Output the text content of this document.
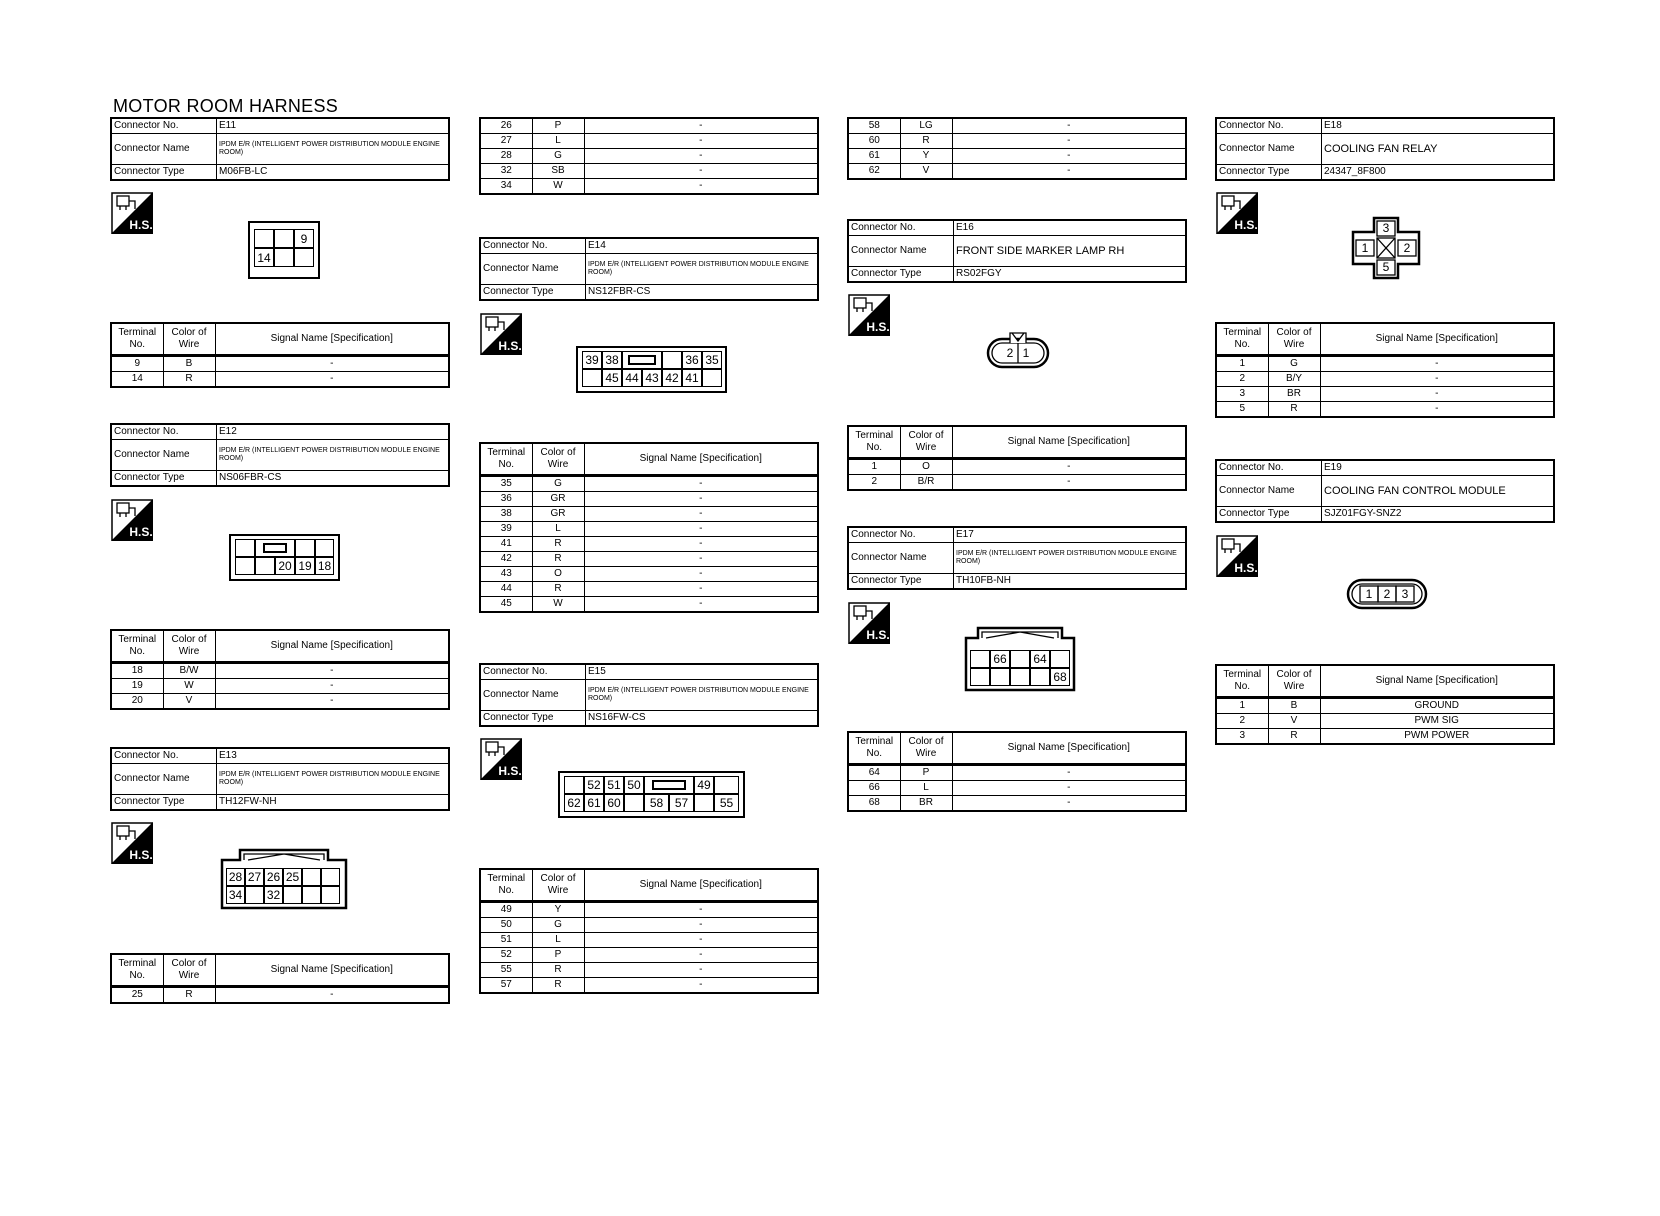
MOTOR ROOM HARNESS
Connector No.	E11
Connector Name	IPDM E/R (INTELLIGENT POWER DISTRIBUTION MODULE ENGINE ROOM)
Connector Type	M06FB-LC
H.S.
9
14
Terminal No.	Color of Wire	Signal Name [Specification]
9	B	-
14	R	-
Connector No.	E12
Connector Name	IPDM E/R (INTELLIGENT POWER DISTRIBUTION MODULE ENGINE ROOM)
Connector Type	NS06FBR-CS
H.S.
20 19 18
Terminal No.	Color of Wire	Signal Name [Specification]
18	B/W	-
19	W	-
20	V	-
Connector No.	E13
Connector Name	IPDM E/R (INTELLIGENT POWER DISTRIBUTION MODULE ENGINE ROOM)
Connector Type	TH12FW-NH
H.S.
28 27 26 25
34 32
Terminal No.	Color of Wire	Signal Name [Specification]
25	R	-
26	P	-
27	L	-
28	G	-
32	SB	-
34	W	-
Connector No.	E14
Connector Name	IPDM E/R (INTELLIGENT POWER DISTRIBUTION MODULE ENGINE ROOM)
Connector Type	NS12FBR-CS
H.S.
39 38	36 35
45 44 43 42 41
Terminal No.	Color of Wire	Signal Name [Specification]
35	G	-
36	GR	-
38	GR	-
39	L	-
41	R	-
42	R	-
43	O	-
44	R	-
45	W	-
Connector No.	E15
Connector Name	IPDM E/R (INTELLIGENT POWER DISTRIBUTION MODULE ENGINE ROOM)
Connector Type	NS16FW-CS
H.S.
52 51 50	49
62 61 60	58 57	55
Terminal No.	Color of Wire	Signal Name [Specification]
49	Y	-
50	G	-
51	L	-
52	P	-
55	R	-
57	R	-
58	LG	-
60	R	-
61	Y	-
62	V	-
Connector No.	E16
Connector Name	FRONT SIDE MARKER LAMP RH
Connector Type	RS02FGY
H.S.
2 1
Terminal No.	Color of Wire	Signal Name [Specification]
1	O	-
2	B/R	-
Connector No.	E17
Connector Name	IPDM E/R (INTELLIGENT POWER DISTRIBUTION MODULE ENGINE ROOM)
Connector Type	TH10FB-NH
H.S.
66 64
68
Terminal No.	Color of Wire	Signal Name [Specification]
64	P	-
66	L	-
68	BR	-
Connector No.	E18
Connector Name	COOLING FAN RELAY
Connector Type	24347_8F800
H.S.	3
1	2
5
Terminal No.	Color of Wire	Signal Name [Specification]
1	G	-
2	B/Y	-
3	BR	-
5	R	-
Connector No.	E19
Connector Name	COOLING FAN CONTROL MODULE
Connector Type	SJZ01FGY-SNZ2
H.S.
1 2 3
Terminal No.	Color of Wire	Signal Name [Specification]
1	B	GROUND
2	V	PWM SIG
3	R	PWM POWER
